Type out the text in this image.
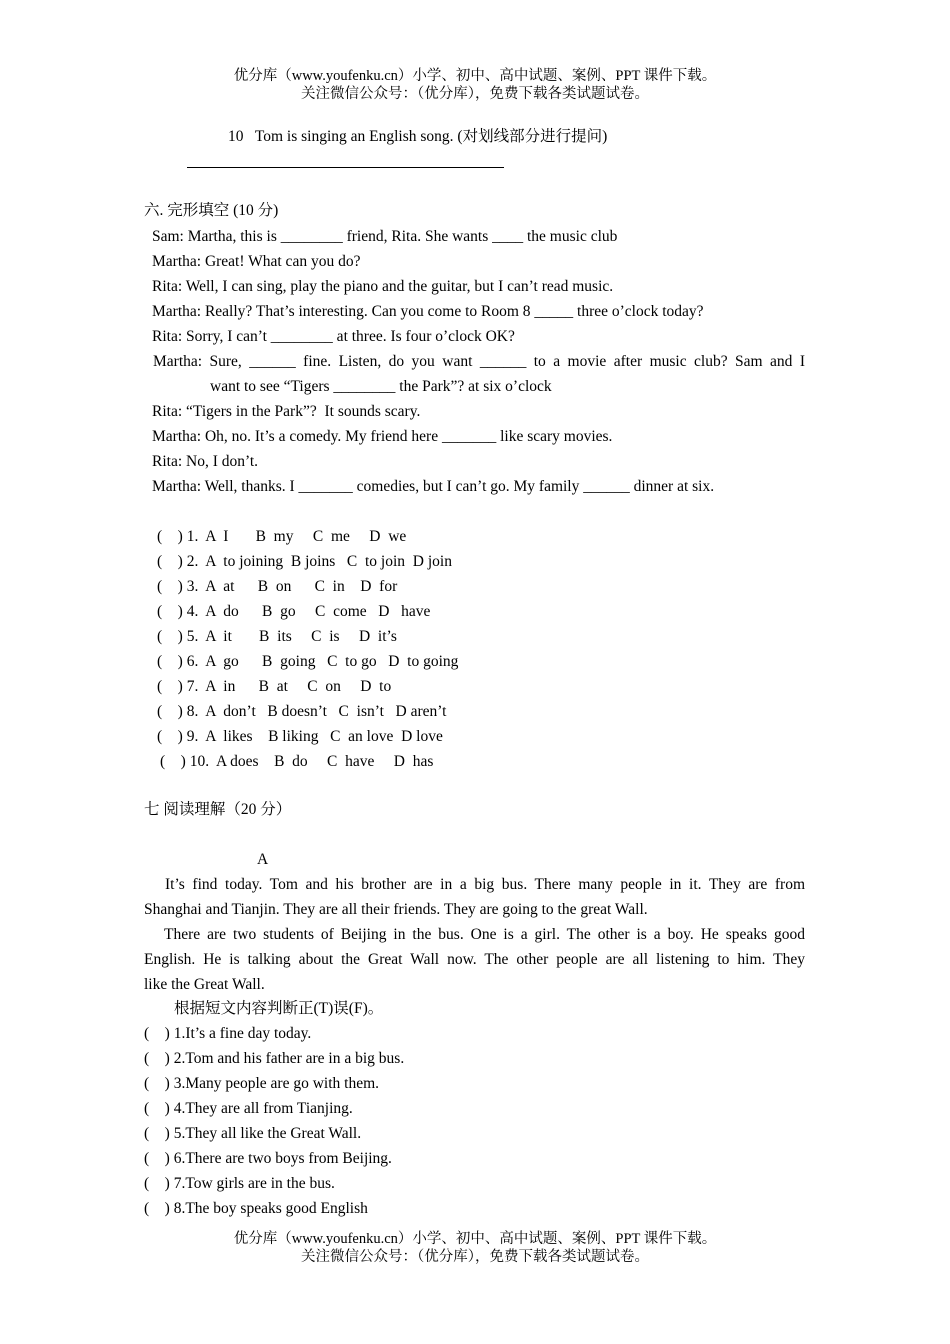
优分库（www.youfenku.cn）小学、初中、高中试题、案例、PPT 课件下载。
关注微信公众号：（优分库），免费下载各类试题试卷。
10   Tom is singing an English song. (对划线部分进行提问)
六. 完形填空 (10 分)
Sam: Martha, this is ________ friend, Rita. She wants ____ the music club
Martha: Great! What can you do?
Rita: Well, I can sing, play the piano and the guitar, but I can’t read music.
Martha: Really? That’s interesting. Can you come to Room 8 _____ three o’clock today?
Rita: Sorry, I can’t ________ at three. Is four o’clock OK?
Martha: Sure, ______ fine. Listen, do you want ______ to a movie after music club? Sam and I
want to see “Tigers ________ the Park”? at six o’clock
Rita: “Tigers in the Park”?  It sounds scary.
Martha: Oh, no. It’s a comedy. My friend here _______ like scary movies.
Rita: No, I don’t.
Martha: Well, thanks. I _______ comedies, but I can’t go. My family ______ dinner at six.
(    ) 1.  A  I       B  my     C  me     D  we
(    ) 2.  A  to joining  B joins   C  to join  D join
(    ) 3.  A  at      B  on      C  in    D  for
(    ) 4.  A  do      B  go     C  come   D   have
(    ) 5.  A  it       B  its     C  is     D  it’s
(    ) 6.  A  go      B  going   C  to go   D  to going
(    ) 7.  A  in      B  at     C  on     D  to
(    ) 8.  A  don’t   B doesn’t   C  isn’t   D aren’t
(    ) 9.  A  likes    B liking   C  an love  D love
(    ) 10.  A does    B  do     C  have     D  has
七 阅读理解（20 分）
A
It’s find today. Tom and his brother are in a big bus. There many people in it. They are from
Shanghai and Tianjin. They are all their friends. They are going to the great Wall.
There are two students of Beijing in the bus. One is a girl. The other is a boy. He speaks good
English. He is talking about the Great Wall now. The other people are all listening to him. They
like the Great Wall.
根据短文内容判断正(T)误(F)。
(    ) 1.It’s a fine day today.
(    ) 2.Tom and his father are in a big bus.
(    ) 3.Many people are go with them.
(    ) 4.They are all from Tianjing.
(    ) 5.They all like the Great Wall.
(    ) 6.There are two boys from Beijing.
(    ) 7.Tow girls are in the bus.
(    ) 8.The boy speaks good English
优分库（www.youfenku.cn）小学、初中、高中试题、案例、PPT 课件下载。
关注微信公众号：（优分库），免费下载各类试题试卷。
